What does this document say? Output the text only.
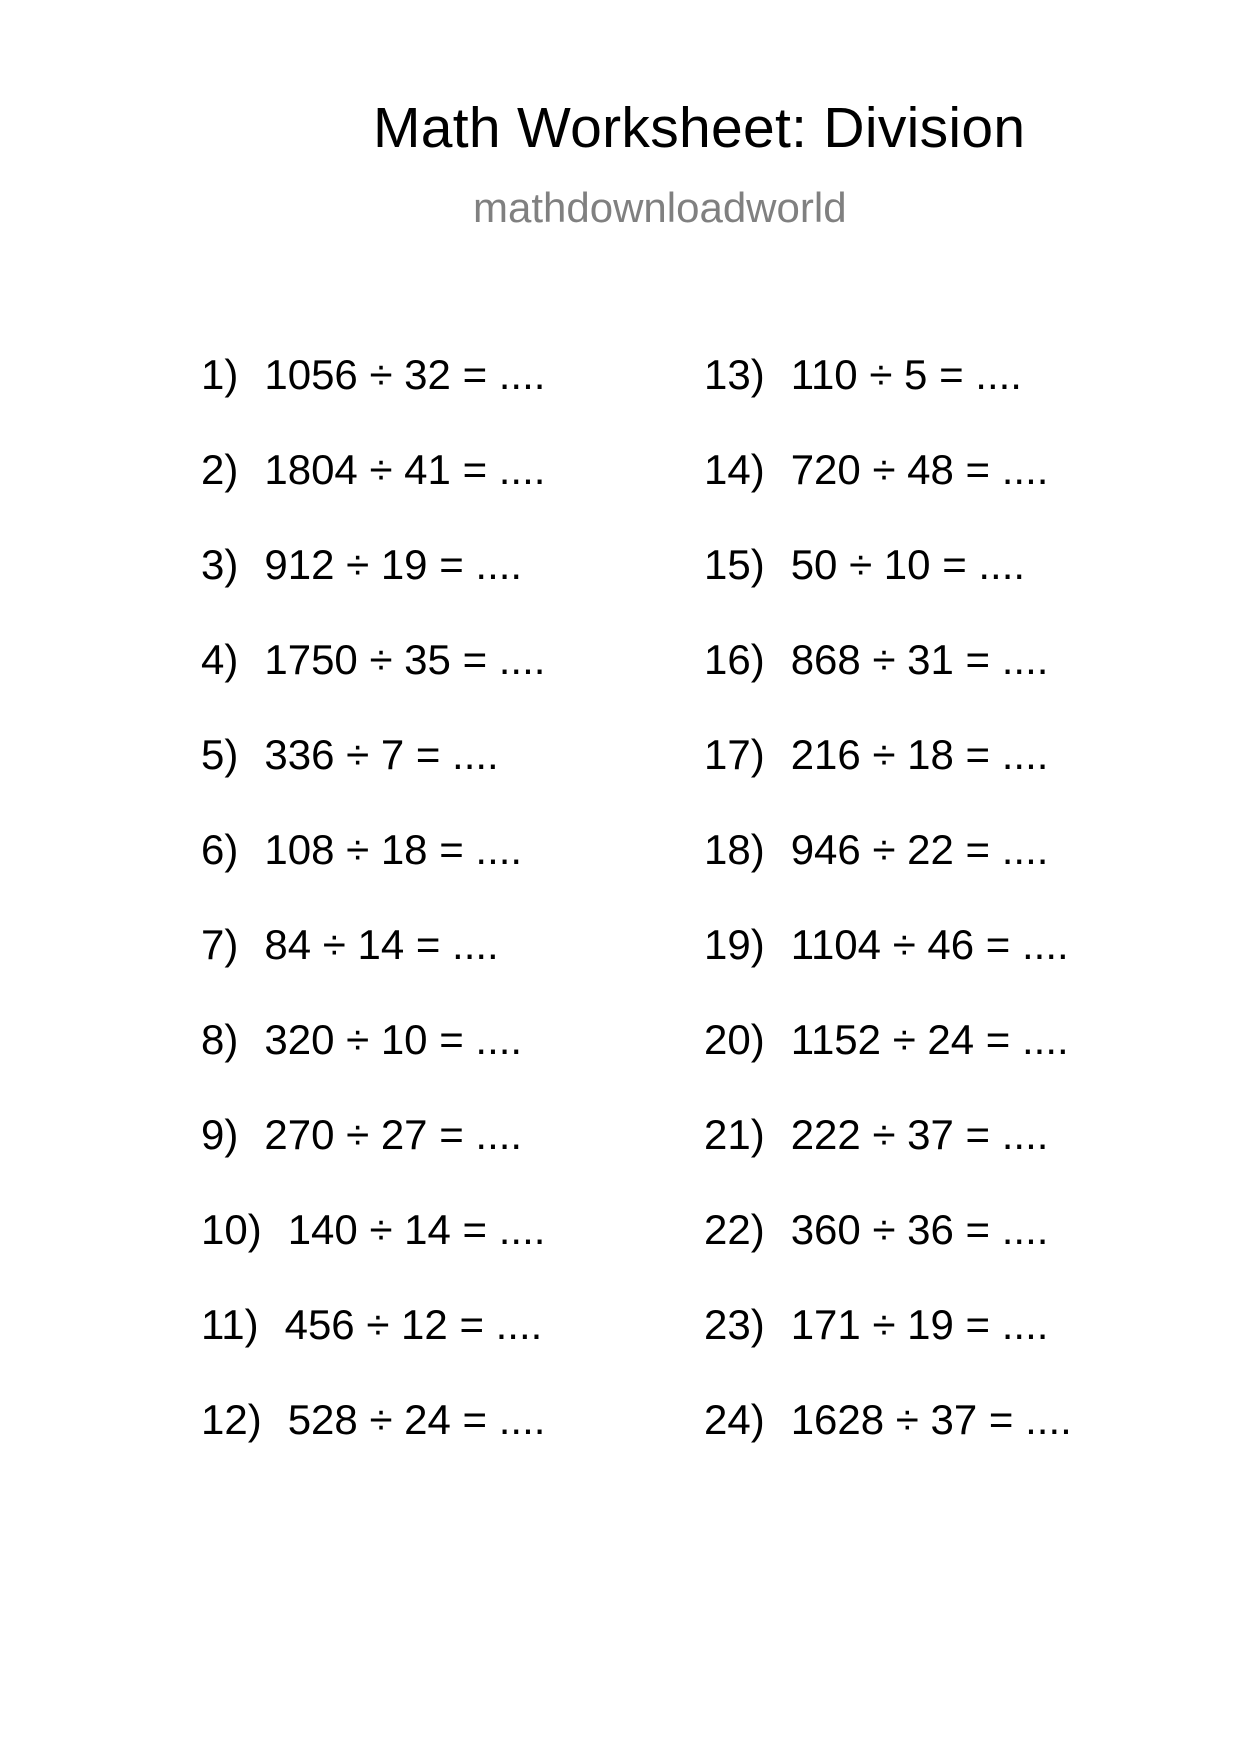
Math Worksheet: Division
mathdownloadworld
1) 1056 ÷ 32 = ....
2) 1804 ÷ 41 = ....
3) 912 ÷ 19 = ....
4) 1750 ÷ 35 = ....
5) 336 ÷ 7 = ....
6) 108 ÷ 18 = ....
7) 84 ÷ 14 = ....
8) 320 ÷ 10 = ....
9) 270 ÷ 27 = ....
10) 140 ÷ 14 = ....
11) 456 ÷ 12 = ....
12) 528 ÷ 24 = ....
13) 110 ÷ 5 = ....
14) 720 ÷ 48 = ....
15) 50 ÷ 10 = ....
16) 868 ÷ 31 = ....
17) 216 ÷ 18 = ....
18) 946 ÷ 22 = ....
19) 1104 ÷ 46 = ....
20) 1152 ÷ 24 = ....
21) 222 ÷ 37 = ....
22) 360 ÷ 36 = ....
23) 171 ÷ 19 = ....
24) 1628 ÷ 37 = ....
